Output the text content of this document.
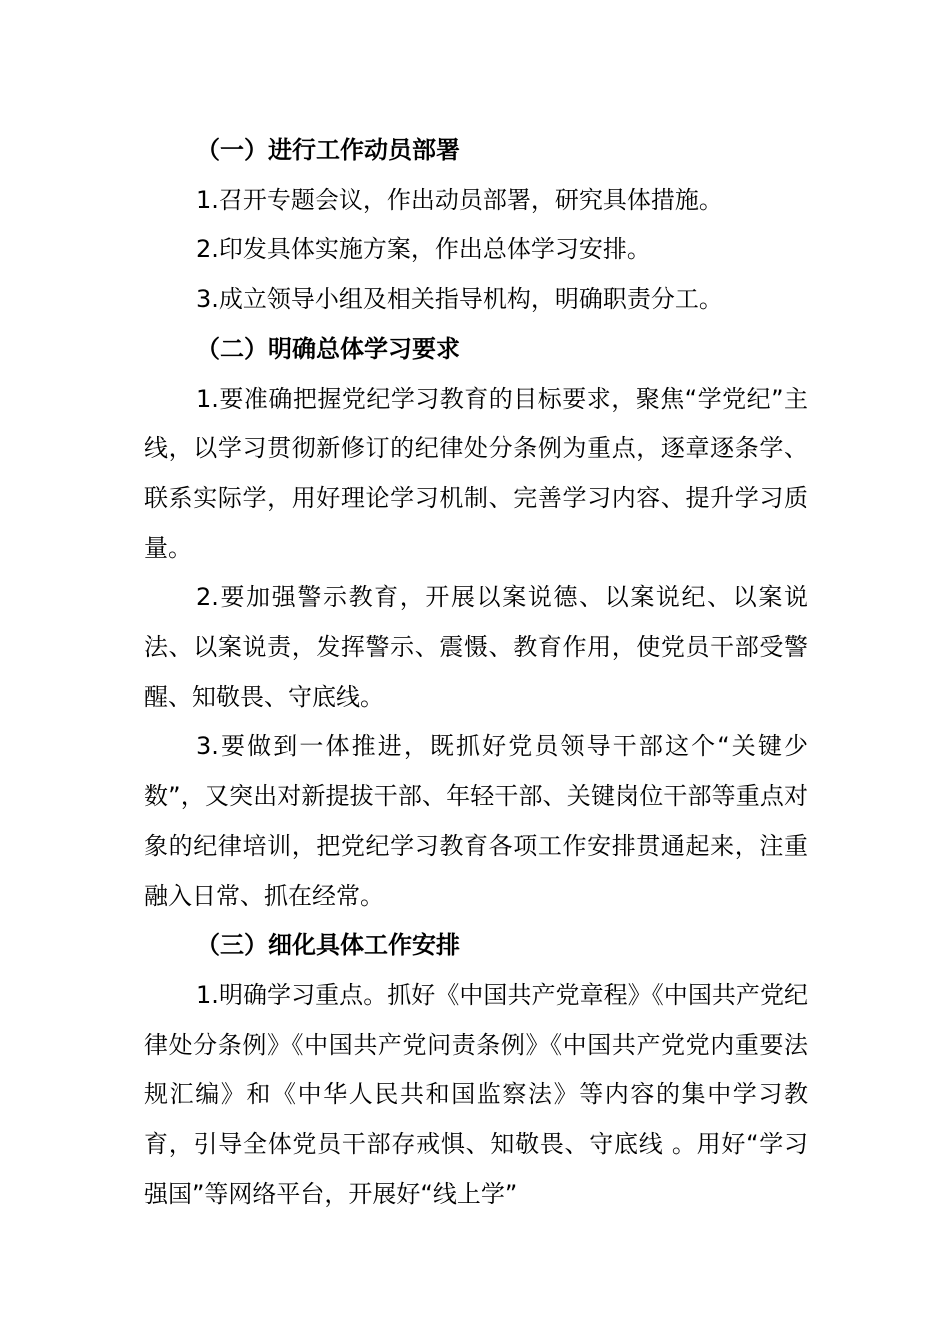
（一）进行工作动员部署

1.召开专题会议，作出动员部署，研究具体措施。

2.印发具体实施方案，作出总体学习安排。

3.成立领导小组及相关指导机构，明确职责分工。

（二）明确总体学习要求

1.要准确把握党纪学习教育的目标要求，聚焦“学党纪”主线，以学习贯彻新修订的纪律处分条例为重点，逐章逐条学、联系实际学，用好理论学习机制、完善学习内容、提升学习质量。

2.要加强警示教育，开展以案说德、以案说纪、以案说法、以案说责，发挥警示、震慑、教育作用，使党员干部受警醒、知敬畏、守底线。

3.要做到一体推进，既抓好党员领导干部这个“关键少数”，又突出对新提拔干部、年轻干部、关键岗位干部等重点对象的纪律培训，把党纪学习教育各项工作安排贯通起来，注重融入日常、抓在经常。

（三）细化具体工作安排

1.明确学习重点。抓好《中国共产党章程》《中国共产党纪律处分条例》《中国共产党问责条例》《中国共产党党内重要法规汇编》和《中华人民共和国监察法》等内容的集中学习教育，引导全体党员干部存戒惧、知敬畏、守底线 。用好“学习强国”等网络平台，开展好“线上学”
